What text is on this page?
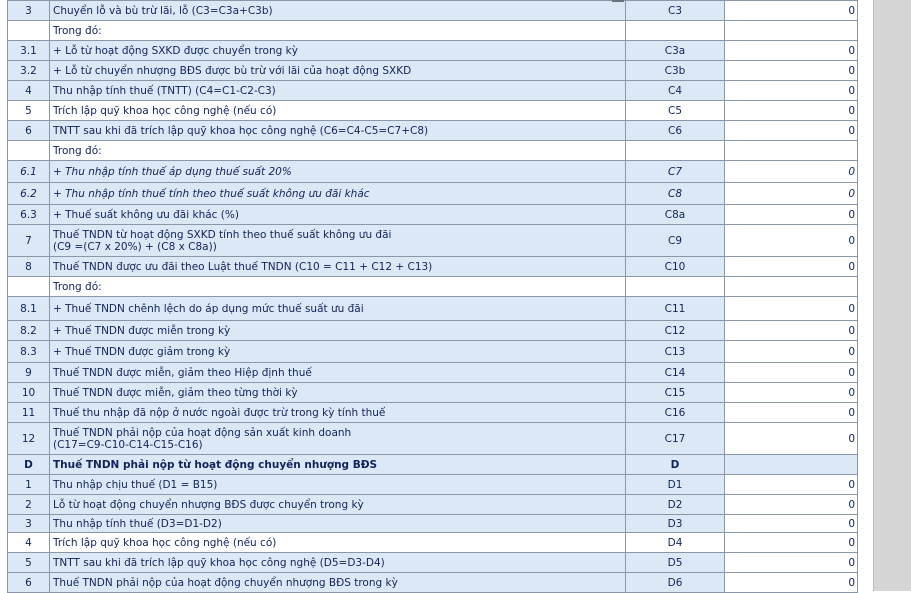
3	Chuyển lỗ và bù trừ lãi, lỗ (C3=C3a+C3b)	C3	0
	Trong đó:		
3.1	+ Lỗ từ hoạt động SXKD được chuyển trong kỳ	C3a	0
3.2	+ Lỗ từ chuyển nhượng BĐS được bù trừ với lãi của hoạt động SXKD	C3b	0
4	Thu nhập tính thuế (TNTT) (C4=C1-C2-C3)	C4	0
5	Trích lập quỹ khoa học công nghệ (nếu có)	C5	0
6	TNTT sau khi đã trích lập quỹ khoa học công nghệ (C6=C4-C5=C7+C8)	C6	0
	Trong đó:		
6.1	+ Thu nhập tính thuế áp dụng thuế suất 20%	C7	0
6.2	+ Thu nhập tính thuế tính theo thuế suất không ưu đãi khác	C8	0
6.3	+ Thuế suất không ưu đãi khác (%)	C8a	0
7	Thuế TNDN từ hoạt động SXKD tính theo thuế suất không ưu đãi
(C9 =(C7 x 20%) + (C8 x C8a))	C9	0
8	Thuế TNDN được ưu đãi theo Luật thuế TNDN (C10 = C11 + C12 + C13)	C10	0
	Trong đó:		
8.1	+ Thuế TNDN chênh lệch do áp dụng mức thuế suất ưu đãi	C11	0
8.2	+ Thuế TNDN được miễn trong kỳ	C12	0
8.3	+ Thuế TNDN được giảm trong kỳ	C13	0
9	Thuế TNDN được miễn, giảm theo Hiệp định thuế	C14	0
10	Thuế TNDN được miễn, giảm theo từng thời kỳ	C15	0
11	Thuế thu nhập đã nộp ở nước ngoài được trừ trong kỳ tính thuế	C16	0
12	Thuế TNDN phải nộp của hoạt động sản xuất kinh doanh
(C17=C9-C10-C14-C15-C16)	C17	0
D	Thuế TNDN phải nộp từ hoạt động chuyển nhượng BĐS	D	
1	Thu nhập chịu thuế (D1 = B15)	D1	0
2	Lỗ từ hoạt động chuyển nhượng BĐS được chuyển trong kỳ	D2	0
3	Thu nhập tính thuế (D3=D1-D2)	D3	0
4	Trích lập quỹ khoa học công nghệ (nếu có)	D4	0
5	TNTT sau khi đã trích lập quỹ khoa học công nghệ (D5=D3-D4)	D5	0
6	Thuế TNDN phải nộp của hoạt động chuyển nhượng BĐS trong kỳ	D6	0
